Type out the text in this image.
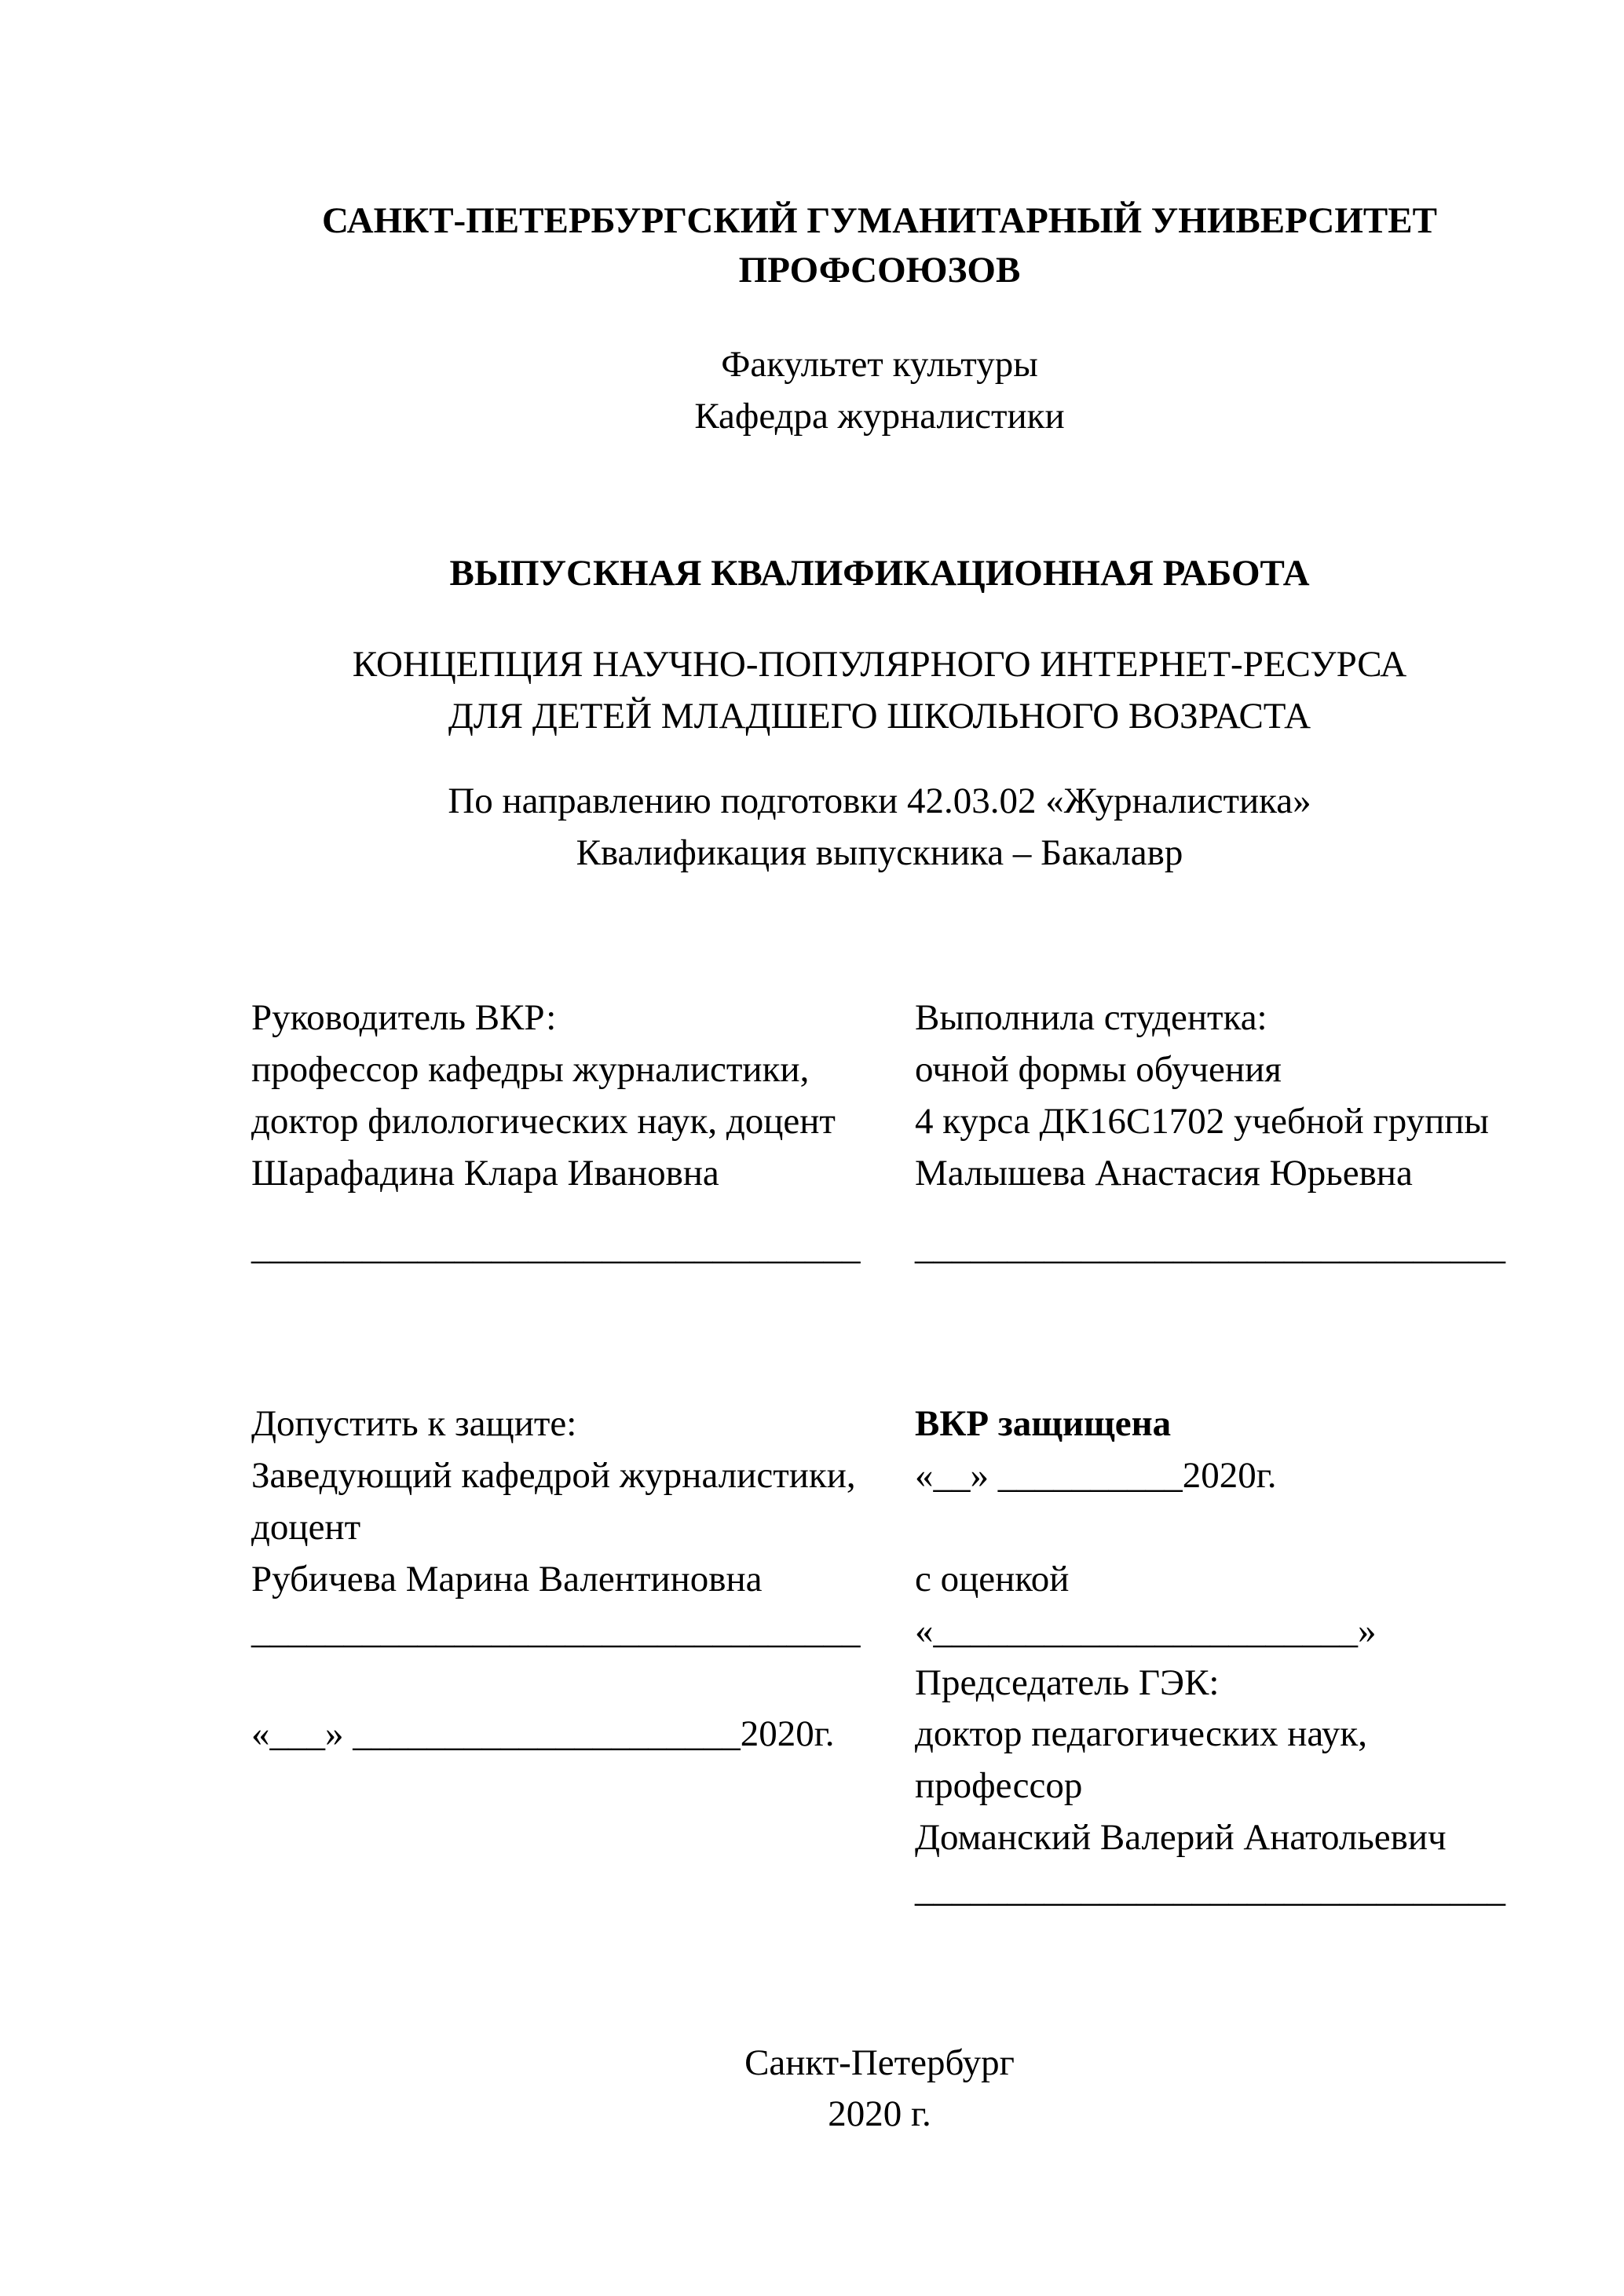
САНКТ-ПЕТЕРБУРГСКИЙ ГУМАНИТАРНЫЙ УНИВЕРСИТЕТ
ПРОФСОЮЗОВ
Факультет культуры
Кафедра журналистики
ВЫПУСКНАЯ КВАЛИФИКАЦИОННАЯ РАБОТА
КОНЦЕПЦИЯ НАУЧНО-ПОПУЛЯРНОГО ИНТЕРНЕТ-РЕСУРСА
ДЛЯ ДЕТЕЙ МЛАДШЕГО ШКОЛЬНОГО ВОЗРАСТА
По направлению подготовки 42.03.02 «Журналистика»
Квалификация выпускника – Бакалавр
Руководитель ВКР:
профессор кафедры журналистики,
доктор филологических наук, доцент
Шарафадина Клара Ивановна
_________________________________
Выполнила студентка:
очной формы обучения
4 курса ДК16С1702 учебной группы
Малышева Анастасия Юрьевна
________________________________
Допустить к защите:
Заведующий кафедрой журналистики,
доцент
Рубичева Марина Валентиновна
_________________________________
«___» _____________________2020г.
ВКР защищена
«__» __________2020г.
с оценкой
«_______________________»
Председатель ГЭК:
доктор педагогических наук,
профессор
Доманский Валерий Анатольевич
________________________________
Санкт-Петербург
2020 г.
